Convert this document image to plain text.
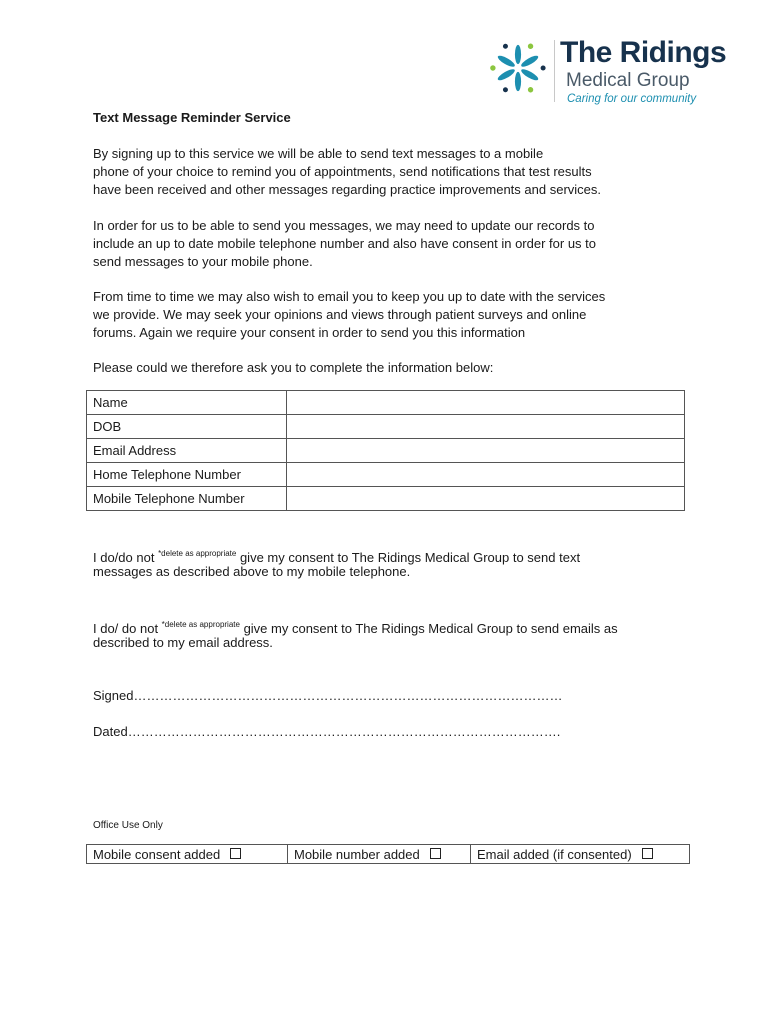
The Ridings
Medical Group
Caring for our community
Text Message Reminder Service
By signing up to this service we will be able to send text messages to a mobile
phone of your choice to remind you of appointments, send notifications that test results
have been received and other messages regarding practice improvements and services.
In order for us to be able to send you messages, we may need to update our records to
include an up to date mobile telephone number and also have consent in order for us to
send messages to your mobile phone.
From time to time we may also wish to email you to keep you up to date with the services
we provide. We may seek your opinions and views through patient surveys and online
forums. Again we require your consent in order to send you this information
Please could we therefore ask you to complete the information below:
Name	
DOB	
Email Address	
Home Telephone Number	
Mobile Telephone Number	
I do/do not $^{*delete as appropriate}$ give my consent to The Ridings Medical Group to send text
messages as described above to my mobile telephone.
I do/ do not $^{*delete as appropriate}$ give my consent to The Ridings Medical Group to send emails as
described to my email address.
Signed………………………………………………………………………………………
Dated……………………………………………………………………………………….
Office Use Only
Mobile consent added	Mobile number added	Email added (if consented)
